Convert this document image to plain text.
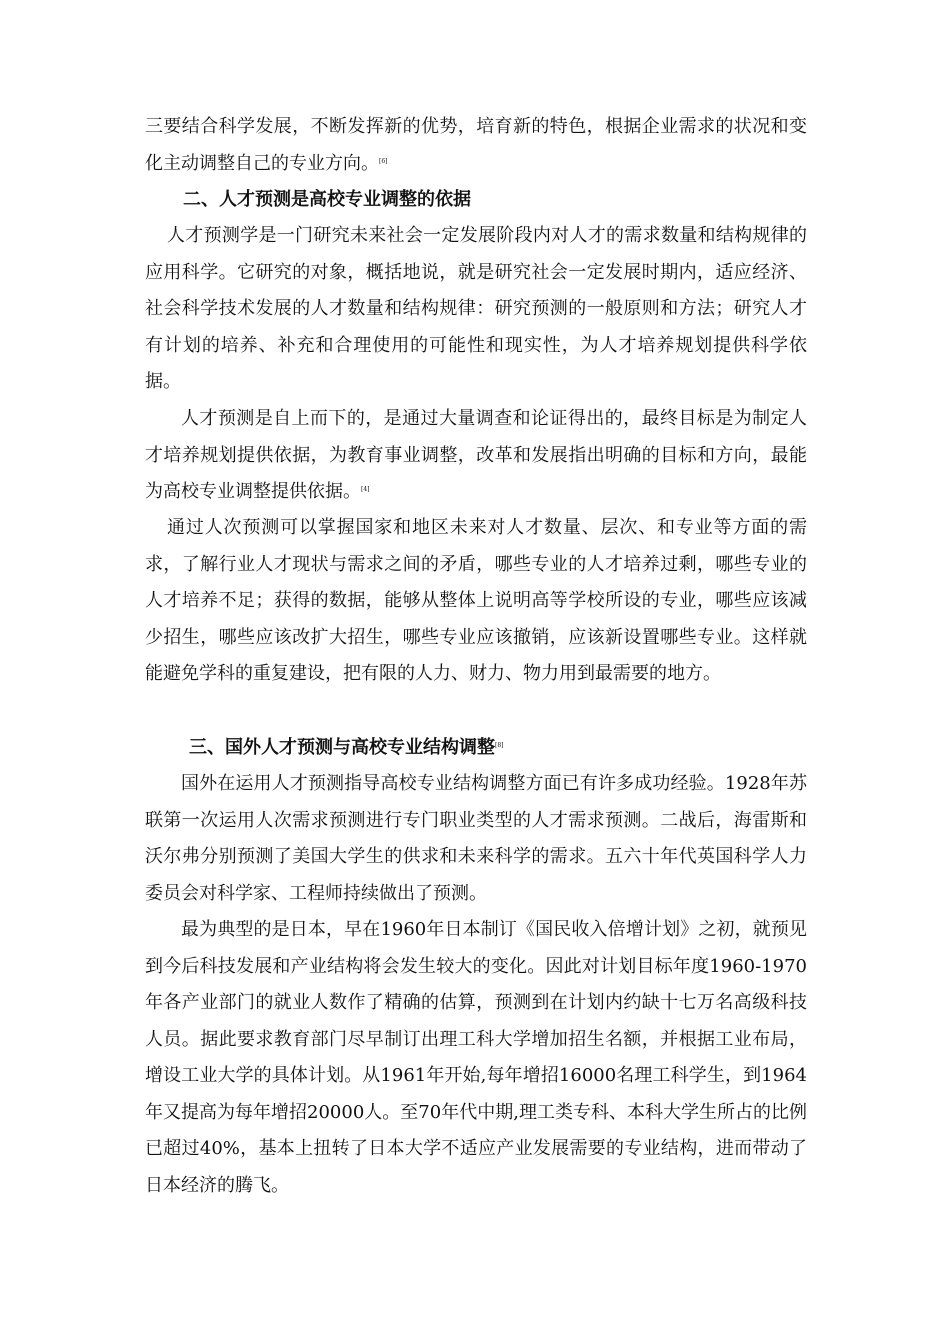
三要结合科学发展，不断发挥新的优势，培育新的特色，根据企业需求的状况和变化主动调整自己的专业方向。[6]

二、人才预测是高校专业调整的依据

人才预测学是一门研究未来社会一定发展阶段内对人才的需求数量和结构规律的应用科学。它研究的对象，概括地说，就是研究社会一定发展时期内，适应经济、社会科学技术发展的人才数量和结构规律：研究预测的一般原则和方法；研究人才有计划的培养、补充和合理使用的可能性和现实性，为人才培养规划提供科学依据。

人才预测是自上而下的，是通过大量调查和论证得出的，最终目标是为制定人才培养规划提供依据，为教育事业调整，改革和发展指出明确的目标和方向，最能为高校专业调整提供依据。[4]

通过人次预测可以掌握国家和地区未来对人才数量、层次、和专业等方面的需求，了解行业人才现状与需求之间的矛盾，哪些专业的人才培养过剩，哪些专业的人才培养不足；获得的数据，能够从整体上说明高等学校所设的专业，哪些应该减少招生，哪些应该改扩大招生，哪些专业应该撤销，应该新设置哪些专业。这样就能避免学科的重复建设，把有限的人力、财力、物力用到最需要的地方。

三、国外人才预测与高校专业结构调整[8]

国外在运用人才预测指导高校专业结构调整方面已有许多成功经验。1928年苏联第一次运用人次需求预测进行专门职业类型的人才需求预测。二战后，海雷斯和沃尔弗分别预测了美国大学生的供求和未来科学的需求。五六十年代英国科学人力委员会对科学家、工程师持续做出了预测。

最为典型的是日本，早在1960年日本制订《国民收入倍增计划》之初，就预见到今后科技发展和产业结构将会发生较大的变化。因此对计划目标年度1960-1970年各产业部门的就业人数作了精确的估算，预测到在计划内约缺十七万名高级科技人员。据此要求教育部门尽早制订出理工科大学增加招生名额，并根据工业布局，增设工业大学的具体计划。从1961年开始,每年增招16000名理工科学生，到1964年又提高为每年增招20000人。至70年代中期,理工类专科、本科大学生所占的比例已超过40%，基本上扭转了日本大学不适应产业发展需要的专业结构，进而带动了日本经济的腾飞。
